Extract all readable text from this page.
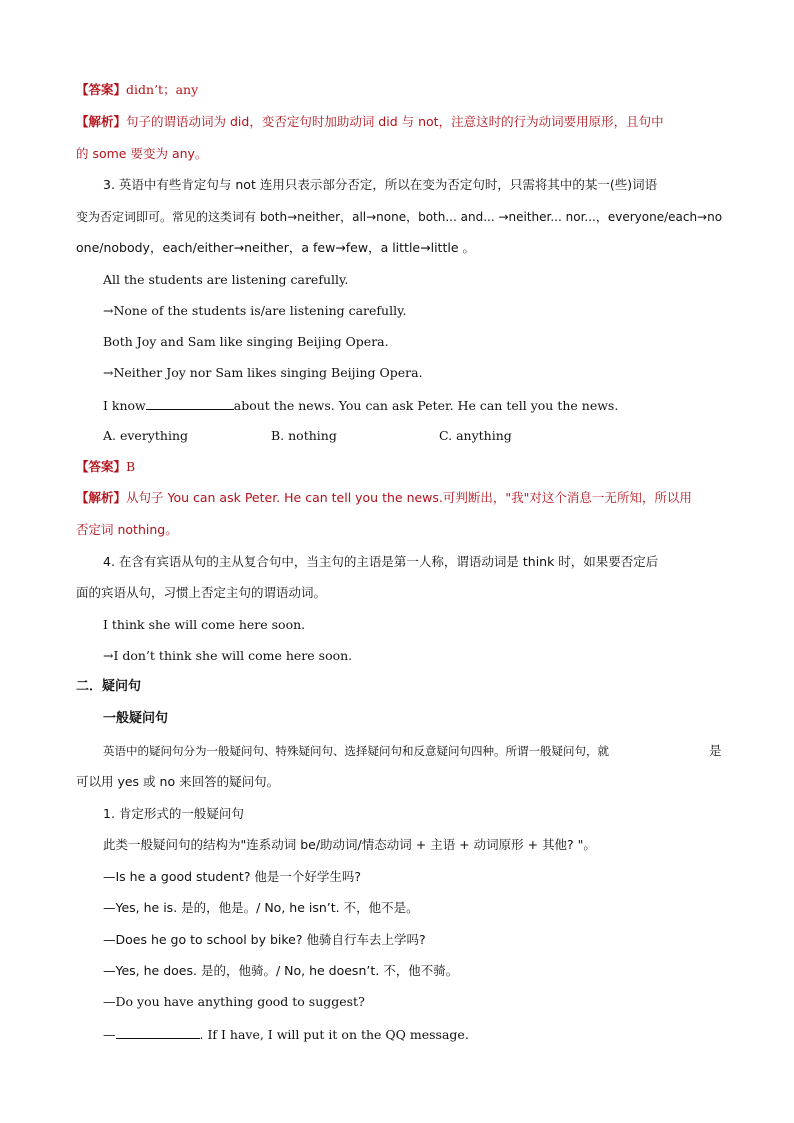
【答案】didn’t；any
【解析】句子的谓语动词为 did，变否定句时加助动词 did 与 not，注意这时的行为动词要用原形，且句中
的 some 要变为 any。
3. 英语中有些肯定句与 not 连用只表示部分否定，所以在变为否定句时，只需将其中的某一(些)词语
变为否定词即可。常见的这类词有 both→neither，all→none，both... and... →neither... nor...，everyone/each→no
one/nobody，each/either→neither，a few→few，a little→little 。
All the students are listening carefully.
→None of the students is/are listening carefully.
Both Joy and Sam like singing Beijing Opera.
→Neither Joy nor Sam likes singing Beijing Opera.
I know	about the news. You can ask Peter. He can tell you the news.
A. everything	B. nothing	C. anything
【答案】B
【解析】从句子 You can ask Peter. He can tell you the news.可判断出，"我"对这个消息一无所知，所以用
否定词 nothing。
4. 在含有宾语从句的主从复合句中，当主句的主语是第一人称，谓语动词是 think 时，如果要否定后
面的宾语从句，习惯上否定主句的谓语动词。
I think she will come here soon.
→I don’t think she will come here soon.
二．疑问句
一般疑问句
英语中的疑问句分为一般疑问句、特殊疑问句、选择疑问句和反意疑问句四种。所谓一般疑问句，就	是
可以用 yes 或 no 来回答的疑问句。
1. 肯定形式的一般疑问句
此类一般疑问句的结构为"连系动词 be/助动词/情态动词 + 主语 + 动词原形 + 其他? "。
—Is he a good student? 他是一个好学生吗?
—Yes, he is. 是的，他是。/ No, he isn’t. 不，他不是。
—Does he go to school by bike? 他骑自行车去上学吗?
—Yes, he does. 是的，他骑。/ No, he doesn’t. 不，他不骑。
—Do you have anything good to suggest?
—	. If I have, I will put it on the QQ message.
